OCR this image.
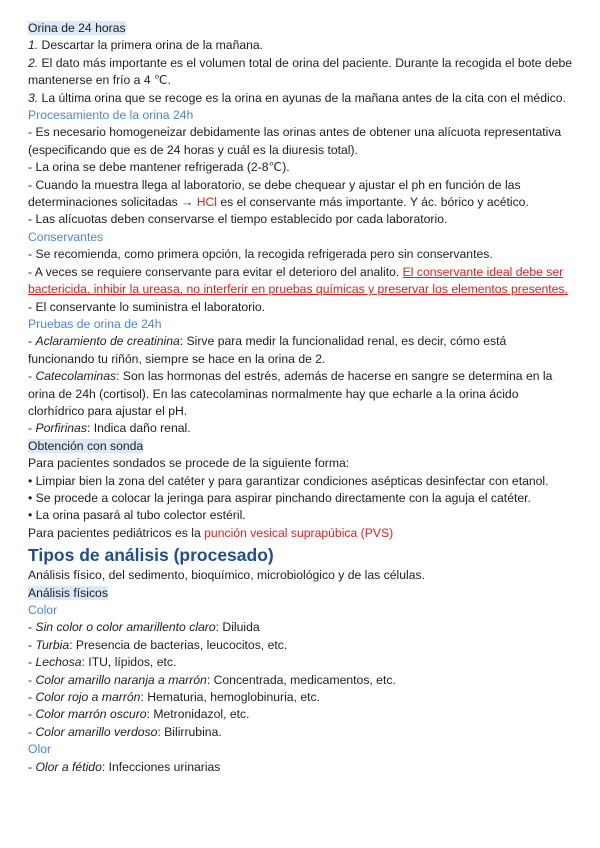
Orina de 24 horas

1. Descartar la primera orina de la mañana.

2. El dato más importante es el volumen total de orina del paciente. Durante la recogida el bote debe mantenerse en frío a 4 ℃.

3. La última orina que se recoge es la orina en ayunas de la mañana antes de la cita con el médico.

Procesamiento de la orina 24h

- Es necesario homogeneizar debidamente las orinas antes de obtener una alícuota representativa (especificando que es de 24 horas y cuál es la diuresis total).

- La orina se debe mantener refrigerada (2-8℃).

- Cuando la muestra llega al laboratorio, se debe chequear y ajustar el ph en función de las determinaciones solicitadas → HCl es el conservante más importante. Y ác. bórico y acético.

- Las alícuotas deben conservarse el tiempo establecido por cada laboratorio.

Conservantes

- Se recomienda, como primera opción, la recogida refrigerada pero sin conservantes.

- A veces se requiere conservante para evitar el deterioro del analito. El conservante ideal debe ser bactericida, inhibir la ureasa, no interferir en pruebas químicas y preservar los elementos presentes.

- El conservante lo suministra el laboratorio.

Pruebas de orina de 24h

- Aclaramiento de creatinina: Sirve para medir la funcionalidad renal, es decir, cómo está funcionando tu riñón, siempre se hace en la orina de 2.

- Catecolaminas: Son las hormonas del estrés, además de hacerse en sangre se determina en la orina de 24h (cortisol). En las catecolaminas normalmente hay que echarle a la orina ácido clorhídrico para ajustar el pH.

- Porfirinas: Indica daño renal.

Obtención con sonda

Para pacientes sondados se procede de la siguiente forma:

• Limpiar bien la zona del catéter y para garantizar condiciones asépticas desinfectar con etanol.

• Se procede a colocar la jeringa para aspirar pinchando directamente con la aguja el catéter.

• La orina pasará al tubo colector estéril.

Para pacientes pediátricos es la punción vesical suprapúbica (PVS)

Tipos de análisis (procesado)

Análisis físico, del sedimento, bioquímico, microbiológico y de las células.

Análisis físicos

Color

- Sin color o color amarillento claro: Diluida

- Turbia: Presencia de bacterias, leucocitos, etc.

- Lechosa: ITU, lípidos, etc.

- Color amarillo naranja a marrón: Concentrada, medicamentos, etc.

- Color rojo a marrón: Hematuria, hemoglobinuria, etc.

- Color marrón oscuro: Metronidazol, etc.

- Color amarillo verdoso: Bilirrubina.

Olor

- Olor a fétido: Infecciones urinarias
